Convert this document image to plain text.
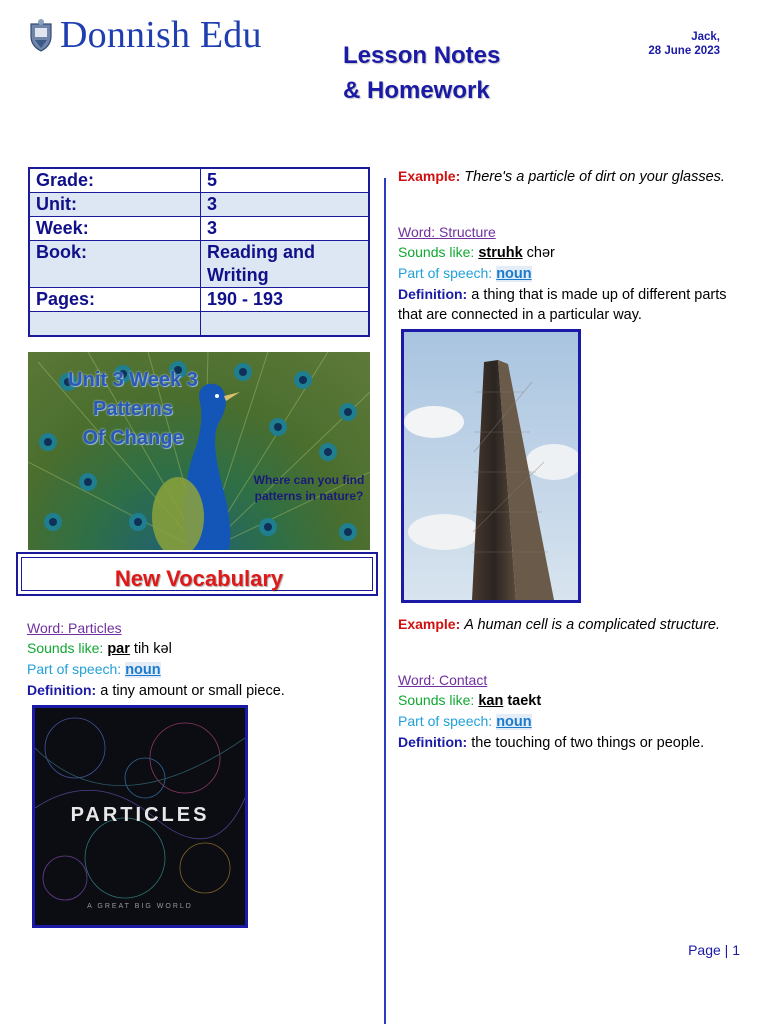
Donnish Edu	Lesson Notes
& Homework
Jack,
28 June 2023
Grade:	5
Unit:	3
Week:	3
Book:	Reading and Writing
Pages:	190 - 193

Unit 3 Week 3
Patterns
Of Change
Where can you find patterns in nature?
New Vocabulary
Word: Particles
Sounds like: par tih kəl
Part of speech: noun
Definition: a tiny amount or small piece.
PARTICLES
A GREAT BIG WORLD
Example: There's a particle of dirt on your glasses.
Word: Structure
Sounds like: struhk chər
Part of speech: noun
Definition: a thing that is made up of different parts that are connected in a particular way.
Example: A human cell is a complicated structure.
Word: Contact
Sounds like: kan taekt
Part of speech: noun
Definition: the touching of two things or people.
Page | 1
